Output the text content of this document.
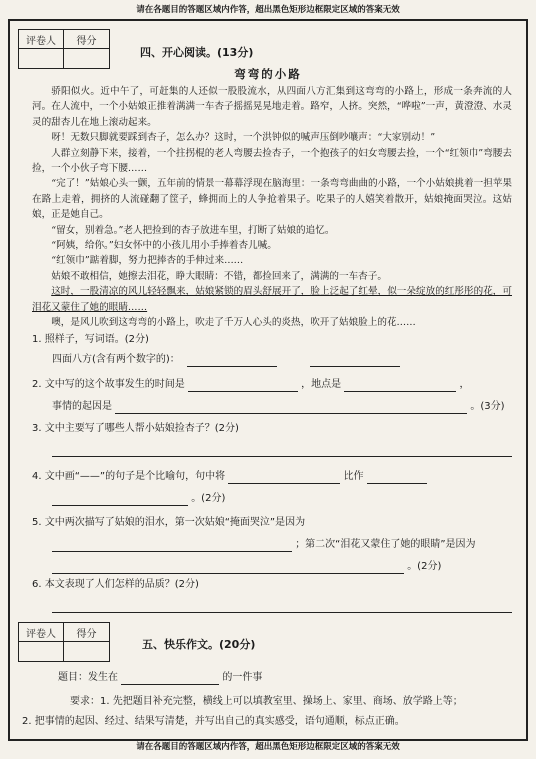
请在各题目的答题区域内作答，超出黑色矩形边框限定区域的答案无效
评卷人	得分
四、开心阅读。(13分)
弯弯的小路

骄阳似火。近中午了，可赶集的人还似一股股流水，从四面八方汇集到这弯弯的小路上，形成一条奔流的人河。在人流中，一个小姑娘正推着满满一车杏子摇摇晃晃地走着。路窄，人挤。突然，“哗啦”一声，黄澄澄、水灵灵的甜杏儿在地上滚动起来。

呀！无数只脚就要踩到杏子，怎么办？这时，一个洪钟似的喊声压倒吵嚷声：“大家别动！”

人群立刻静下来，接着，一个拄拐棍的老人弯腰去捡杏子，一个抱孩子的妇女弯腰去捡，一个“红领巾”弯腰去捡，一个小伙子弯下腰……

“完了！”姑娘心头一颤，五年前的情景一幕幕浮现在脑海里：一条弯弯曲曲的小路，一个小姑娘挑着一担苹果在路上走着，拥挤的人流碰翻了筐子，蜂拥而上的人争抢着果子。吃果子的人嬉笑着散开，姑娘掩面哭泣。这姑娘，正是她自己。

“留女，别着急。”老人把捡到的杏子放进车里，打断了姑娘的追忆。

“阿姨，给你。”妇女怀中的小孩儿用小手捧着杏儿喊。

“红领巾”踮着脚，努力把捧杏的手伸过来……

姑娘不敢相信，她擦去泪花，睁大眼睛：不错，都捡回来了，满满的一车杏子。

这时，一股清凉的风儿轻轻飘来，姑娘紧锁的眉头舒展开了，脸上泛起了红晕，似一朵绽放的红彤彤的花，可泪花又蒙住了她的眼睛……

噢，是风儿吹到这弯弯的小路上，吹走了千万人心头的炎热，吹开了姑娘脸上的花……

1. 照样子，写词语。(2分)
四面八方(含有两个数字的)：
2. 文中写的这个故事发生的时间是	，地点是	，
事情的起因是	。(3分)
3. 文中主要写了哪些人帮小姑娘捡杏子？(2分)
4. 文中画“——”的句子是个比喻句，句中将	比作
。(2分)
5. 文中两次描写了姑娘的泪水，第一次姑娘“掩面哭泣”是因为
；第二次“泪花又蒙住了她的眼睛”是因为
。(2分)
6. 本文表现了人们怎样的品质？(2分)
评卷人	得分
五、快乐作文。(20分)
题目：发生在	的一件事
要求：1. 先把题目补充完整，横线上可以填教室里、操场上、家里、商场、放学路上等；
2. 把事情的起因、经过、结果写清楚，并写出自己的真实感受，语句通顺，标点正确。
请在各题目的答题区域内作答，超出黑色矩形边框限定区域的答案无效
